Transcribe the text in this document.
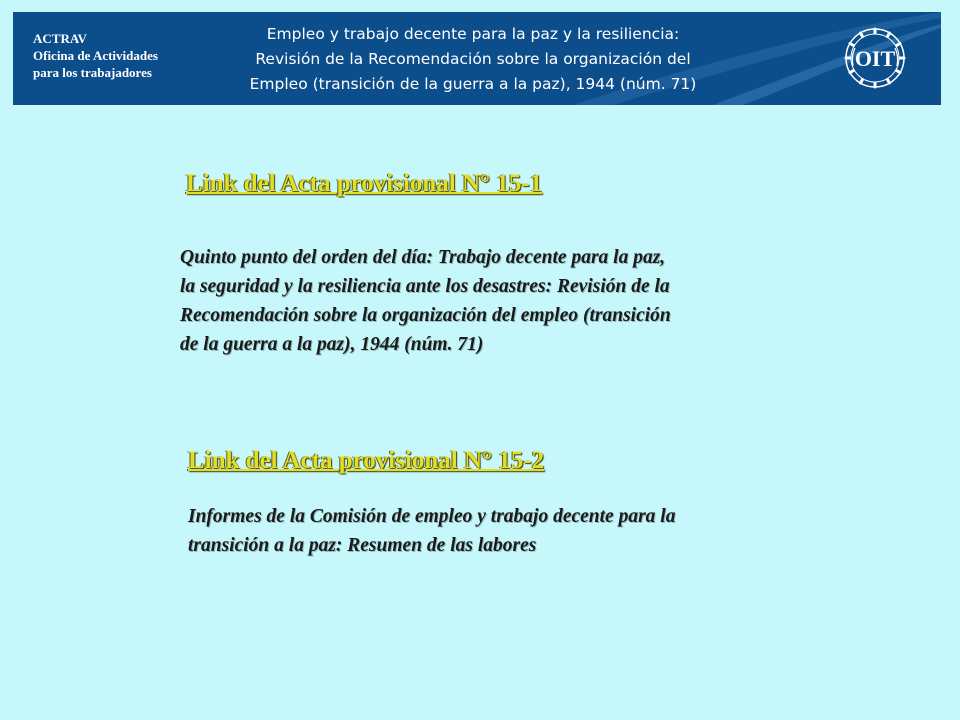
ACTRAV
Oficina de Actividades
para los trabajadores
Empleo y trabajo decente para la paz y la resiliencia:
Revisión de la Recomendación sobre la organización del
Empleo (transición de la guerra a la paz), 1944 (núm. 71)
OIT
Link del Acta provisional N° 15-1
Quinto punto del orden del día: Trabajo decente para la paz,
la seguridad y la resiliencia ante los desastres: Revisión de la
Recomendación sobre la organización del empleo (transición
de la guerra a la paz), 1944 (núm. 71)
Link del Acta provisional N° 15-2
Informes de la Comisión de empleo y trabajo decente para la
transición a la paz: Resumen de las labores
